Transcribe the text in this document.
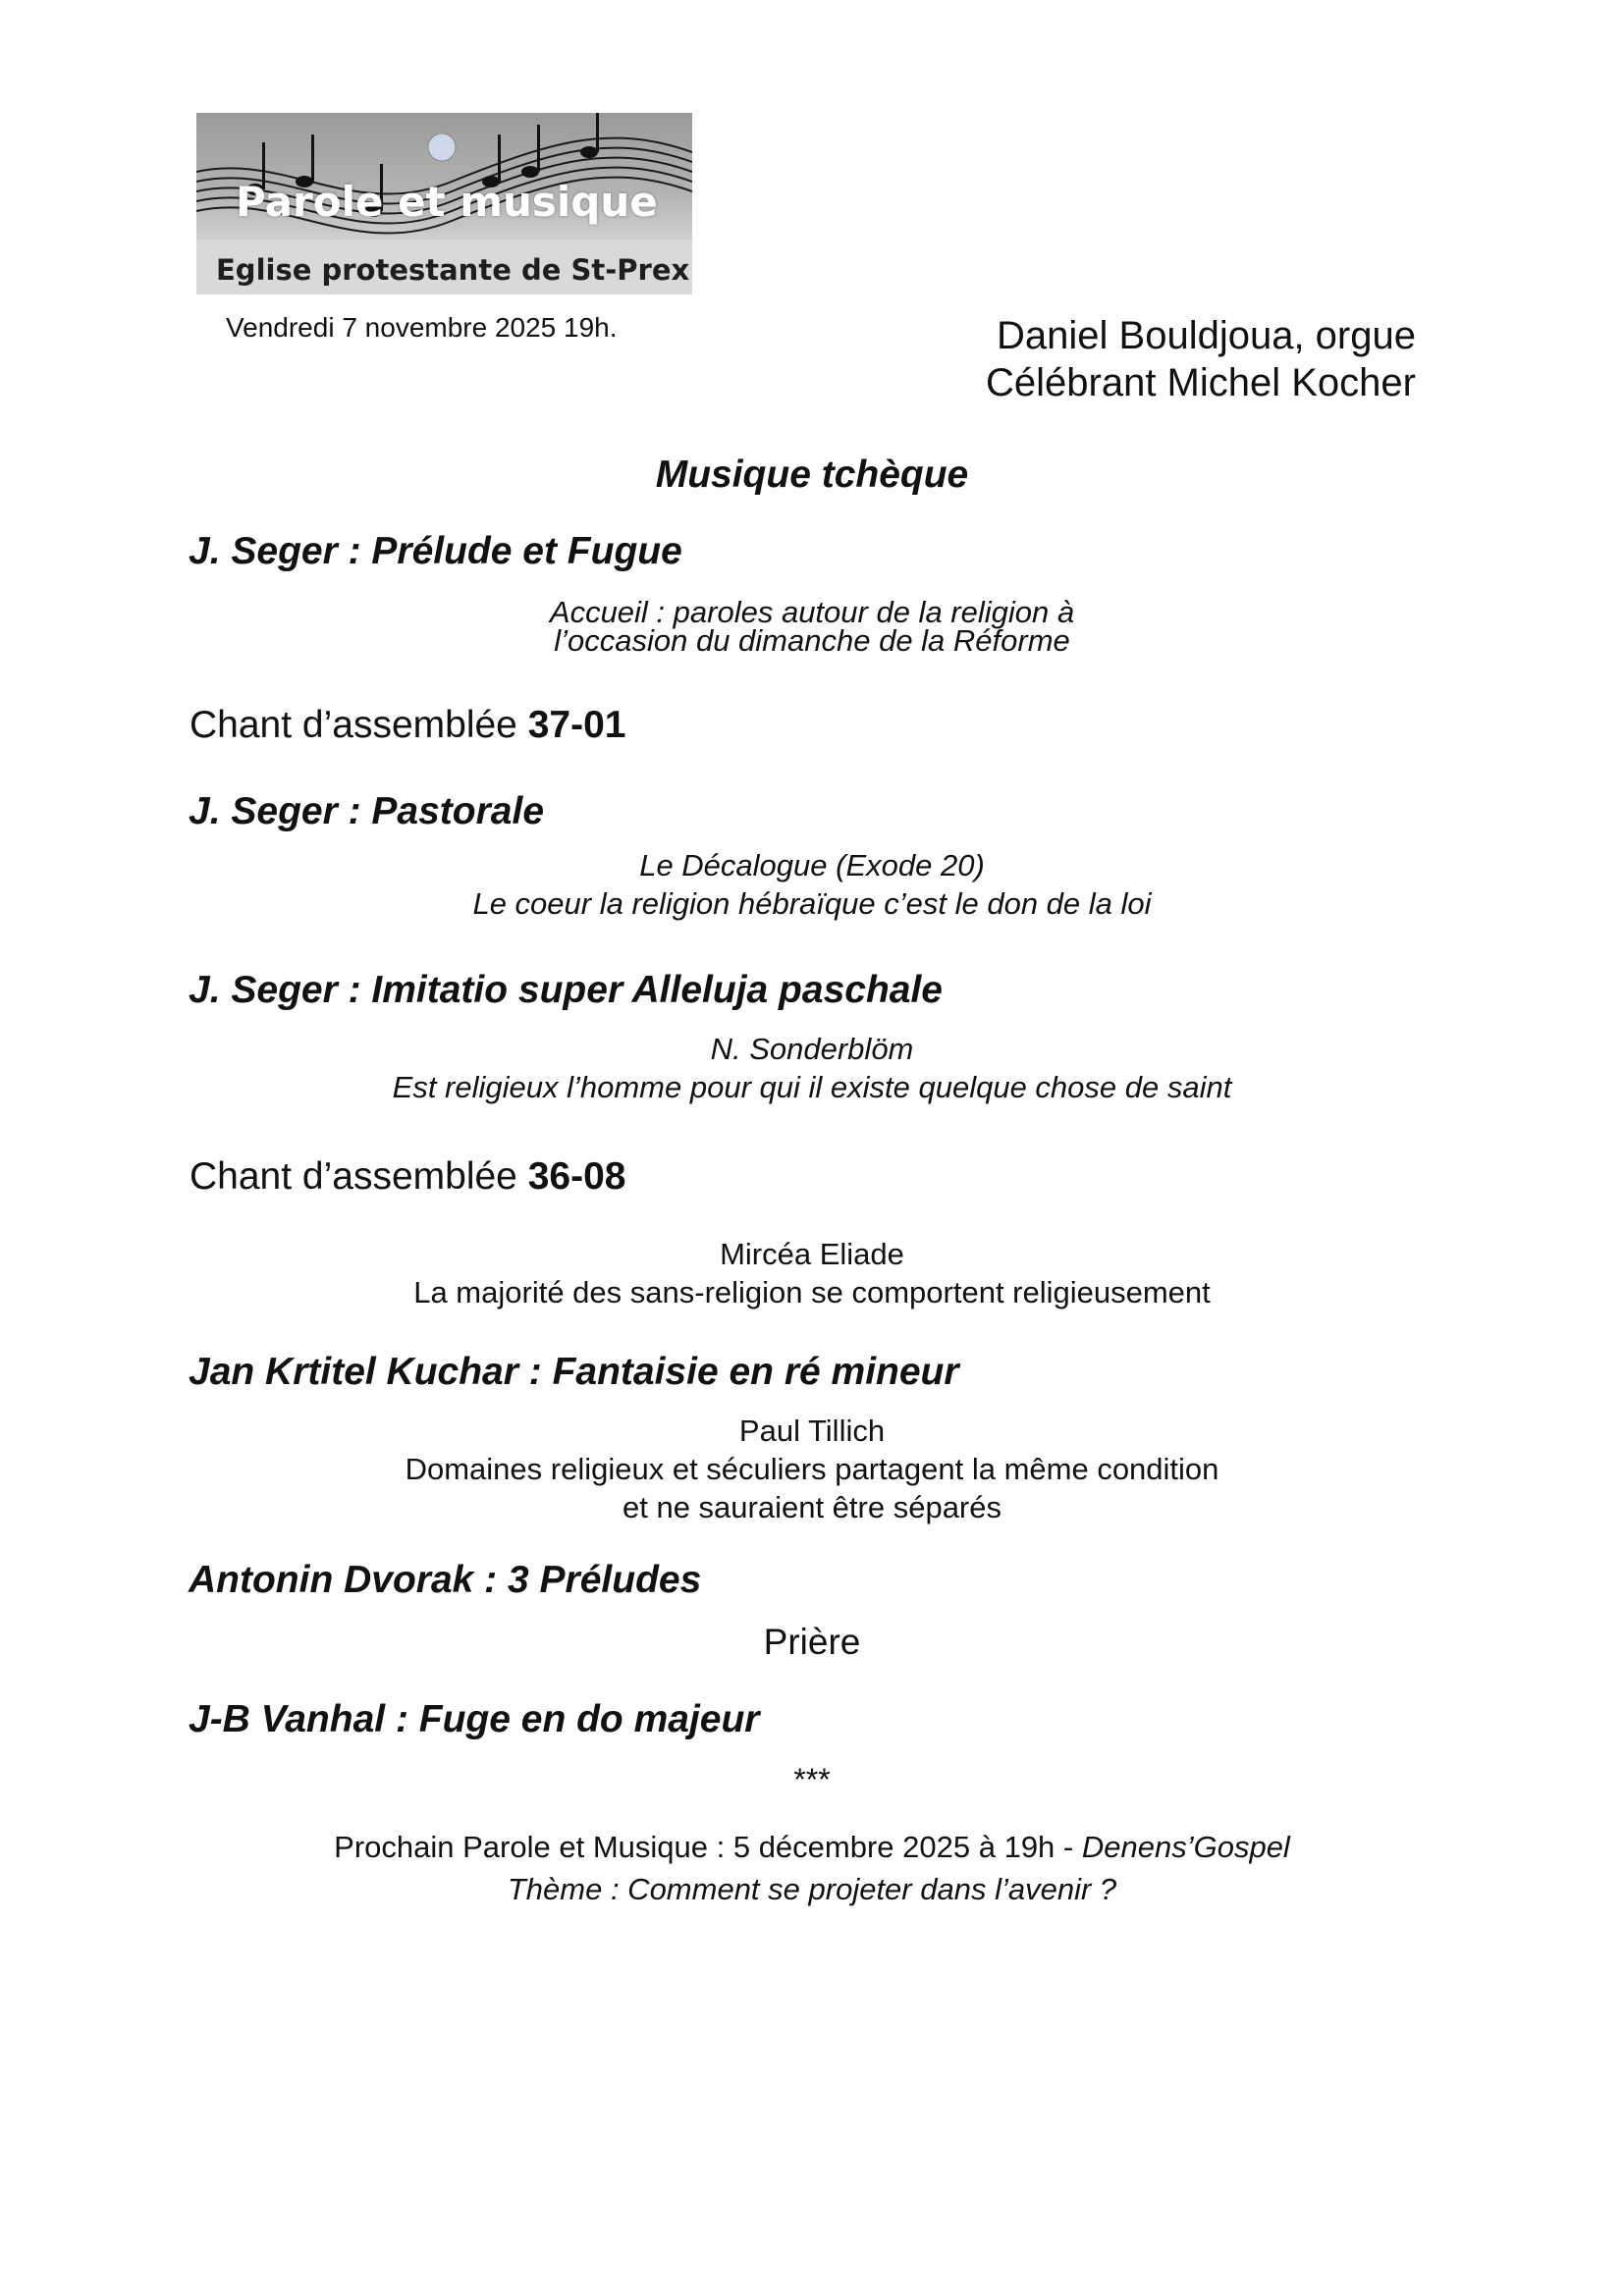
Parole et musique
Eglise protestante de St-Prex
Vendredi 7 novembre 2025 19h.	Daniel Bouldjoua, orgue
Célébrant Michel Kocher
Musique tchèque
J. Seger : Prélude et Fugue
Accueil : paroles autour de la religion à
l’occasion du dimanche de la Réforme
Chant d’assemblée 37-01
J. Seger : Pastorale
Le Décalogue (Exode 20)
Le coeur la religion hébraïque c’est le don de la loi
J. Seger : Imitatio super Alleluja paschale
N. Sonderblöm
Est religieux l’homme pour qui il existe quelque chose de saint
Chant d’assemblée 36-08
Mircéa Eliade
La majorité des sans-religion se comportent religieusement
Jan Krtitel Kuchar : Fantaisie en ré mineur
Paul Tillich
Domaines religieux et séculiers partagent la même condition
et ne sauraient être séparés
Antonin Dvorak : 3 Préludes
Prière
J-B Vanhal : Fuge en do majeur
***
Prochain Parole et Musique : 5 décembre 2025 à 19h - Denens’Gospel
Thème : Comment se projeter dans l’avenir ?
